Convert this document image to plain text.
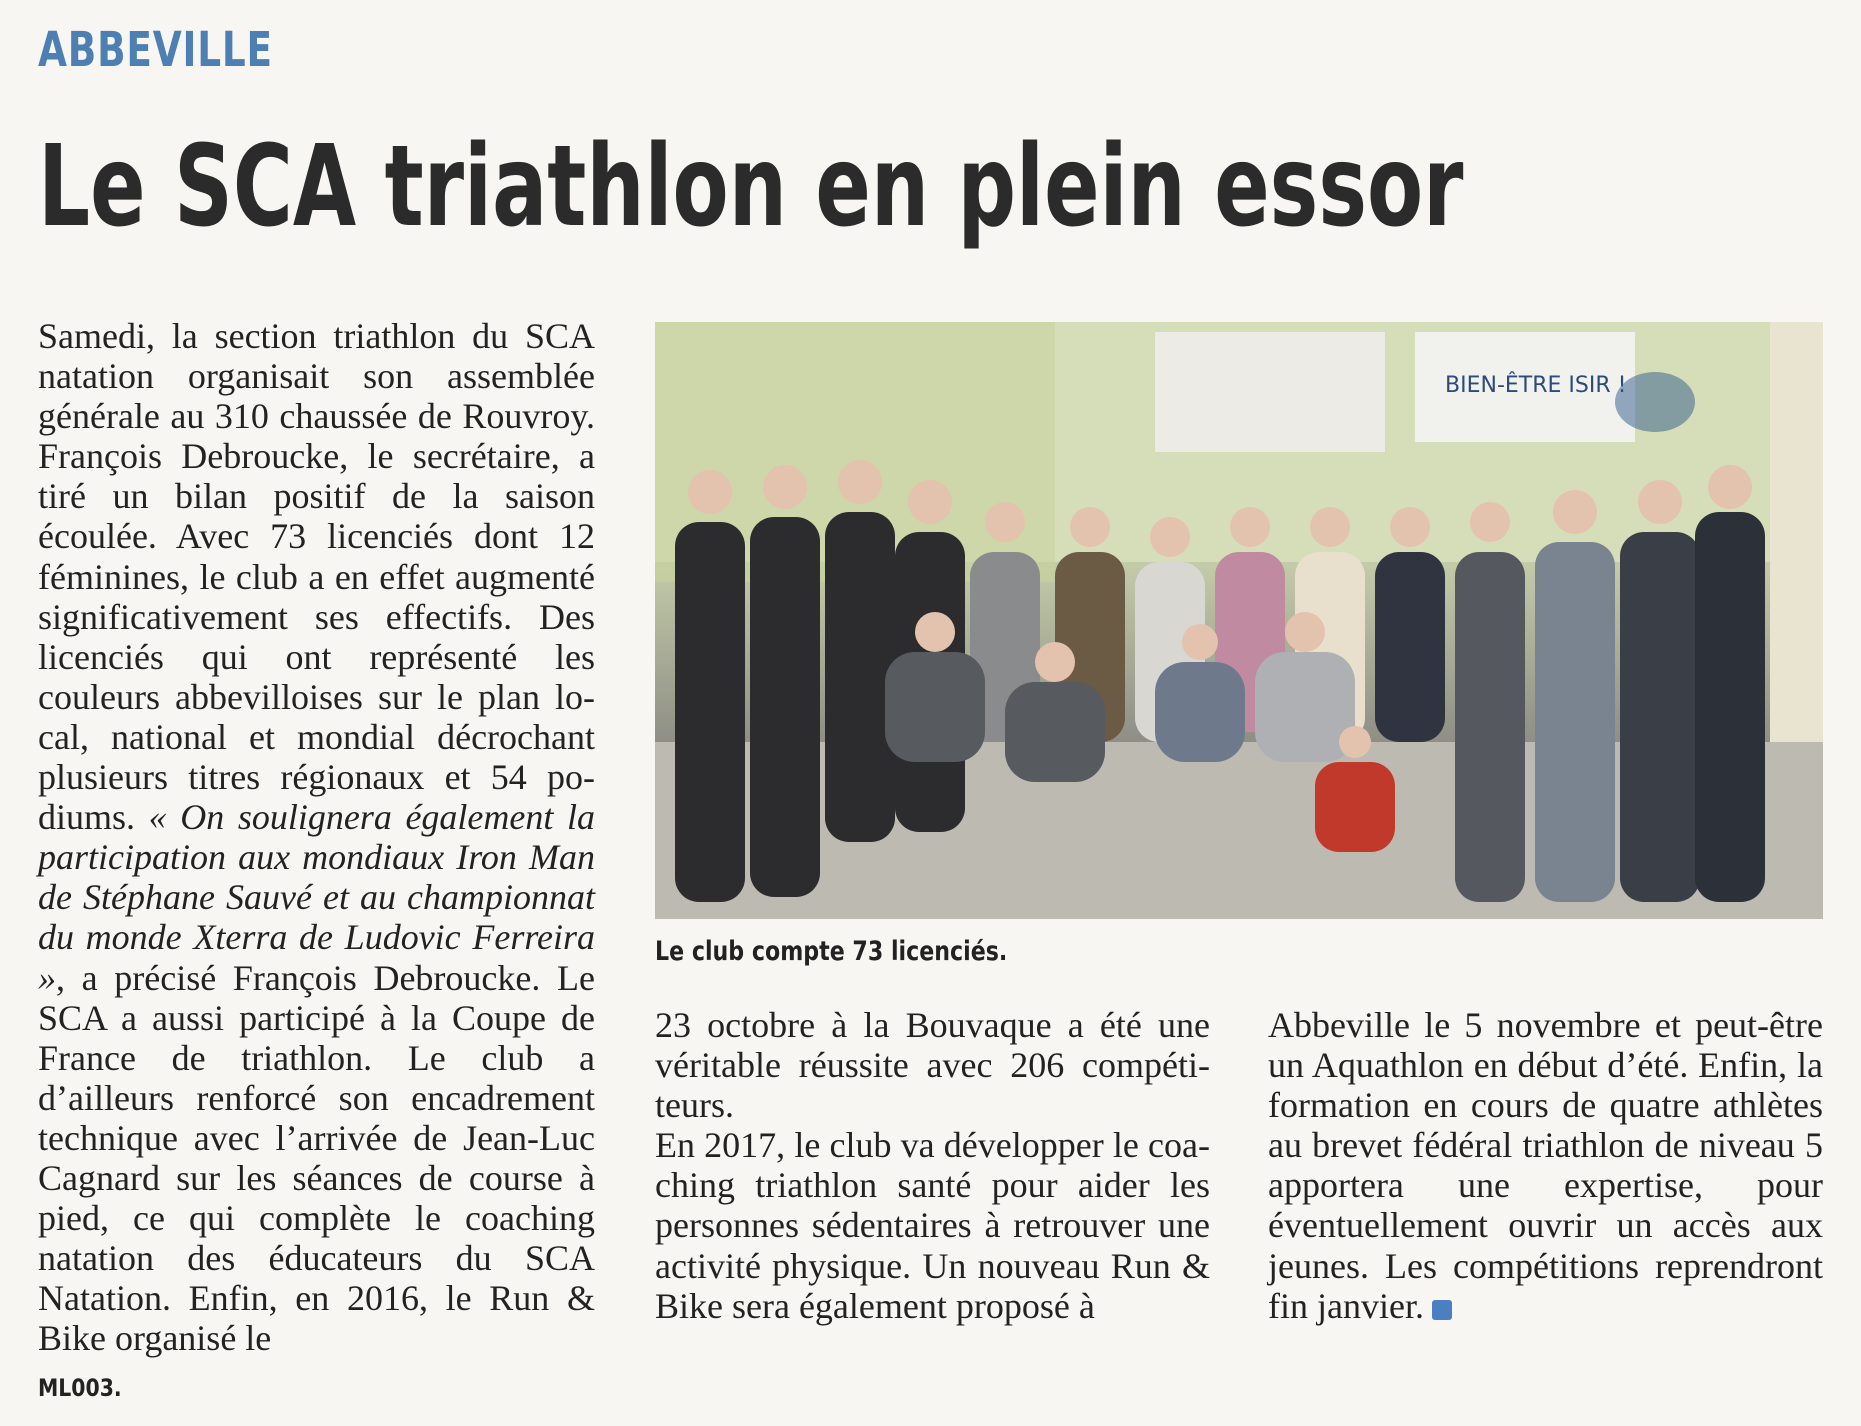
ABBEVILLE
Le SCA triathlon en plein essor

Samedi, la section triathlon du SCA natation organisait son assemblée générale au 310 chaussée de Rouvroy. François Debroucke, le secrétaire, a tiré un bilan positif de la saison écoulée. Avec 73 licenciés dont 12 féminines, le club a en effet augmenté significativement ses effectifs. Des licenciés qui ont représenté les couleurs abbevilloises sur le plan local, national et mondial décrochant plusieurs titres régionaux et 54 podiums. « On soulignera également la participation aux mondiaux Iron Man de Stéphane Sauvé et au championnat du monde Xterra de Ludovic Ferreira », a précisé François Debroucke. Le SCA a aussi participé à la Coupe de France de triathlon. Le club a d’ailleurs renforcé son encadrement technique avec l’arrivée de Jean-Luc Cagnard sur les séances de course à pied, ce qui complète le coaching natation des éducateurs du SCA Natation. Enfin, en 2016, le Run & Bike organisé le

BIEN-ÊTRE ISIR !
Le club compte 73 licenciés.

23 octobre à la Bouvaque a été une véritable réussite avec 206 compétiteurs.

En 2017, le club va développer le coaching triathlon santé pour aider les personnes sédentaires à retrouver une activité physique. Un nouveau Run & Bike sera également proposé à

Abbeville le 5 novembre et peut-être un Aquathlon en début d’été. Enfin, la formation en cours de quatre athlètes au brevet fédéral triathlon de niveau 5 apportera une expertise, pour éventuellement ouvrir un accès aux jeunes. Les compétitions reprendront fin janvier.

ML003.
